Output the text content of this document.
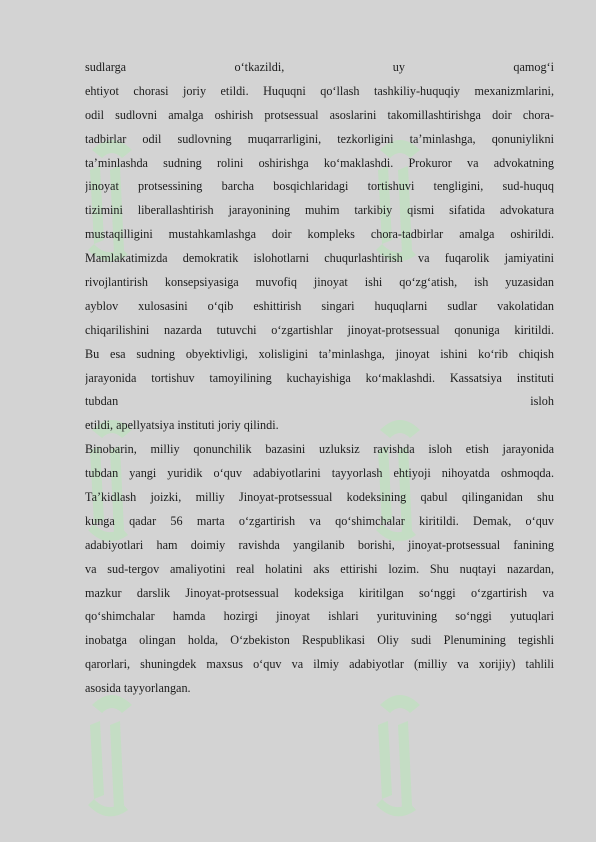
sudlarga o‘tkazildi, uy qamog‘i
ehtiyot chorasi joriy etildi. Huquqni qo‘llash tashkiliy-huquqiy mexanizmlarini,
odil sudlovni amalga oshirish protsessual asoslarini takomillashtirishga doir chora-
tadbirlar odil sudlovning muqarrarligini, tezkorligini ta’minlashga, qonuniylikni
ta’minlashda sudning rolini oshirishga ko‘maklashdi. Prokuror va advokatning
jinoyat protsessining barcha bosqichlaridagi tortishuvi tengligini, sud-huquq
tizimini liberallashtirish jarayonining muhim tarkibiy qismi sifatida advokatura
mustaqilligini mustahkamlashga doir kompleks chora-tadbirlar amalga oshirildi.
Mamlakatimizda demokratik islohotlarni chuqurlashtirish va fuqarolik jamiyatini
rivojlantirish konsepsiyasiga muvofiq jinoyat ishi qo‘zg‘atish, ish yuzasidan
ayblov xulosasini o‘qib eshittirish singari huquqlarni sudlar vakolatidan
chiqarilishini nazarda tutuvchi o‘zgartishlar jinoyat-protsessual qonuniga kiritildi.
Bu esa sudning obyektivligi, xolisligini ta’minlashga, jinoyat ishini ko‘rib chiqish
jarayonida tortishuv tamoyilining kuchayishiga ko‘maklashdi. Kassatsiya instituti
tubdan isloh
etildi, apellyatsiya instituti joriy qilindi.
Binobarin, milliy qonunchilik bazasini uzluksiz ravishda isloh etish jarayonida
tubdan yangi yuridik o‘quv adabiyotlarini tayyorlash ehtiyoji nihoyatda oshmoqda.
Ta’kidlash joizki, milliy Jinoyat-protsessual kodeksining qabul qilinganidan shu
kunga qadar 56 marta o‘zgartirish va qo‘shimchalar kiritildi. Demak, o‘quv
adabiyotlari ham doimiy ravishda yangilanib borishi, jinoyat-protsessual fanining
va sud-tergov amaliyotini real holatini aks ettirishi lozim. Shu nuqtayi nazardan,
mazkur darslik Jinoyat-protsessual kodeksiga kiritilgan so‘nggi o‘zgartirish va
qo‘shimchalar hamda hozirgi jinoyat ishlari yurituvining so‘nggi yutuqlari
inobatga olingan holda, O‘zbekiston Respublikasi Oliy sudi Plenumining tegishli
qarorlari, shuningdek maxsus o‘quv va ilmiy adabiyotlar (milliy va xorijiy) tahlili
asosida tayyorlangan.
